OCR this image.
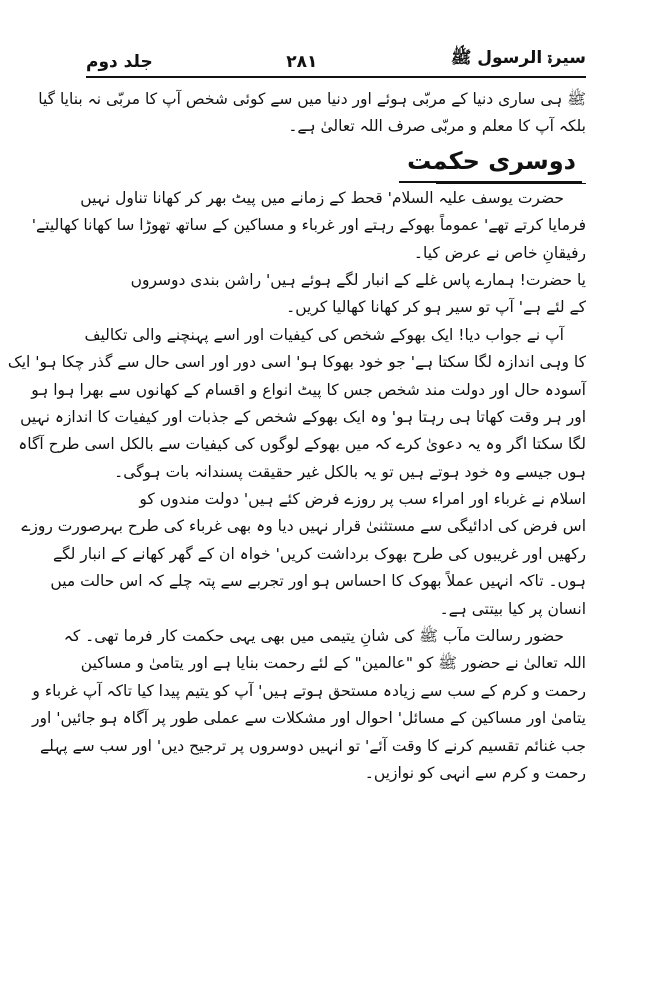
سیرۃ الرسول ﷺ
۲۸۱
جلد دوم
ﷺ ہی ساری دنیا کے مربّی ہوئے اور دنیا میں سے کوئی شخص آپ کا مربّی نہ بنایا گیا
بلکہ آپ کا معلم و مربّی صرف اللہ تعالیٰ ہے۔
دوسری حکمت
حضرت یوسف علیہ السلام' قحط کے زمانے میں پیٹ بھر کر کھانا تناول نہیں
فرمایا کرتے تھے' عموماً بھوکے رہتے اور غرباء و مساکین کے ساتھ تھوڑا سا کھانا کھالیتے'
رفیقانِ خاص نے عرض کیا۔
یا حضرت! ہمارے پاس غلے کے انبار لگے ہوئے ہیں' راشن بندی دوسروں
کے لئے ہے' آپ تو سیر ہو کر کھانا کھالیا کریں۔
آپ نے جواب دیا! ایک بھوکے شخص کی کیفیات اور اسے پہنچنے والی تکالیف
کا وہی اندازہ لگا سکتا ہے' جو خود بھوکا ہو' اسی دور اور اسی حال سے گذر چکا ہو' ایک
آسودہ حال اور دولت مند شخص جس کا پیٹ انواع و اقسام کے کھانوں سے بھرا ہوا ہو
اور ہر وقت کھاتا ہی رہتا ہو' وہ ایک بھوکے شخص کے جذبات اور کیفیات کا اندازہ نہیں
لگا سکتا اگر وہ یہ دعویٰ کرے کہ میں بھوکے لوگوں کی کیفیات سے بالکل اسی طرح آگاہ
ہوں جیسے وہ خود ہوتے ہیں تو یہ بالکل غیر حقیقت پسندانہ بات ہوگی۔
اسلام نے غرباء اور امراء سب پر روزے فرض کئے ہیں' دولت مندوں کو
اس فرض کی ادائیگی سے مستثنیٰ قرار نہیں دیا وہ بھی غرباء کی طرح بہرصورت روزے
رکھیں اور غریبوں کی طرح بھوک برداشت کریں' خواہ ان کے گھر کھانے کے انبار لگے
ہوں۔ تاکہ انہیں عملاً بھوک کا احساس ہو اور تجربے سے پتہ چلے کہ اس حالت میں
انسان پر کیا بیتتی ہے۔
حضور رسالت مآب ﷺ کی شانِ یتیمی میں بھی یہی حکمت کار فرما تھی۔ کہ
اللہ تعالیٰ نے حضور ﷺ کو "عالمین" کے لئے رحمت بنایا ہے اور یتامیٰ و مساکین
رحمت و کرم کے سب سے زیادہ مستحق ہوتے ہیں' آپ کو یتیم پیدا کیا تاکہ آپ غرباء و
یتامیٰ اور مساکین کے مسائل' احوال اور مشکلات سے عملی طور پر آگاہ ہو جائیں' اور
جب غنائم تقسیم کرنے کا وقت آئے' تو انہیں دوسروں پر ترجیح دیں' اور سب سے پہلے
رحمت و کرم سے انہی کو نوازیں۔
